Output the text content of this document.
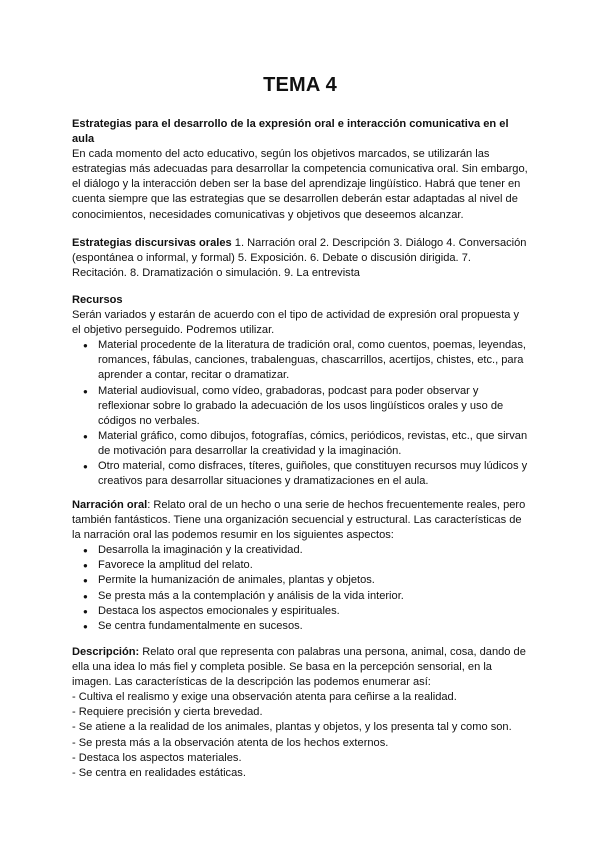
TEMA 4

Estrategias para el desarrollo de la expresión oral e interacción comunicativa en el aula

En cada momento del acto educativo, según los objetivos marcados, se utilizarán las estrategias más adecuadas para desarrollar la competencia comunicativa oral. Sin embargo, el diálogo y la interacción deben ser la base del aprendizaje lingüístico. Habrá que tener en cuenta siempre que las estrategias que se desarrollen deberán estar adaptadas al nivel de conocimientos, necesidades comunicativas y objetivos que deseemos alcanzar.

Estrategias discursivas orales 1. Narración oral 2. Descripción 3. Diálogo 4. Conversación (espontánea o informal, y formal) 5. Exposición. 6. Debate o discusión dirigida. 7. Recitación. 8. Dramatización o simulación. 9. La entrevista

Recursos

Serán variados y estarán de acuerdo con el tipo de actividad de expresión oral propuesta y el objetivo perseguido. Podremos utilizar.

● Material procedente de la literatura de tradición oral, como cuentos, poemas, leyendas, romances, fábulas, canciones, trabalenguas, chascarrillos, acertijos, chistes, etc., para aprender a contar, recitar o dramatizar.
● Material audiovisual, como vídeo, grabadoras, podcast para poder observar y reflexionar sobre lo grabado la adecuación de los usos lingüísticos orales y uso de códigos no verbales.
● Material gráfico, como dibujos, fotografías, cómics, periódicos, revistas, etc., que sirvan de motivación para desarrollar la creatividad y la imaginación.
● Otro material, como disfraces, títeres, guiñoles, que constituyen recursos muy lúdicos y creativos para desarrollar situaciones y dramatizaciones en el aula.

Narración oral: Relato oral de un hecho o una serie de hechos frecuentemente reales, pero también fantásticos. Tiene una organización secuencial y estructural. Las características de la narración oral las podemos resumir en los siguientes aspectos:

● Desarrolla la imaginación y la creatividad.
● Favorece la amplitud del relato.
● Permite la humanización de animales, plantas y objetos.
● Se presta más a la contemplación y análisis de la vida interior.
● Destaca los aspectos emocionales y espirituales.
● Se centra fundamentalmente en sucesos.

Descripción: Relato oral que representa con palabras una persona, animal, cosa, dando de ella una idea lo más fiel y completa posible. Se basa en la percepción sensorial, en la imagen. Las características de la descripción las podemos enumerar así:

- Cultiva el realismo y exige una observación atenta para ceñirse a la realidad.

- Requiere precisión y cierta brevedad.

- Se atiene a la realidad de los animales, plantas y objetos, y los presenta tal y como son.

- Se presta más a la observación atenta de los hechos externos.

- Destaca los aspectos materiales.

- Se centra en realidades estáticas.
